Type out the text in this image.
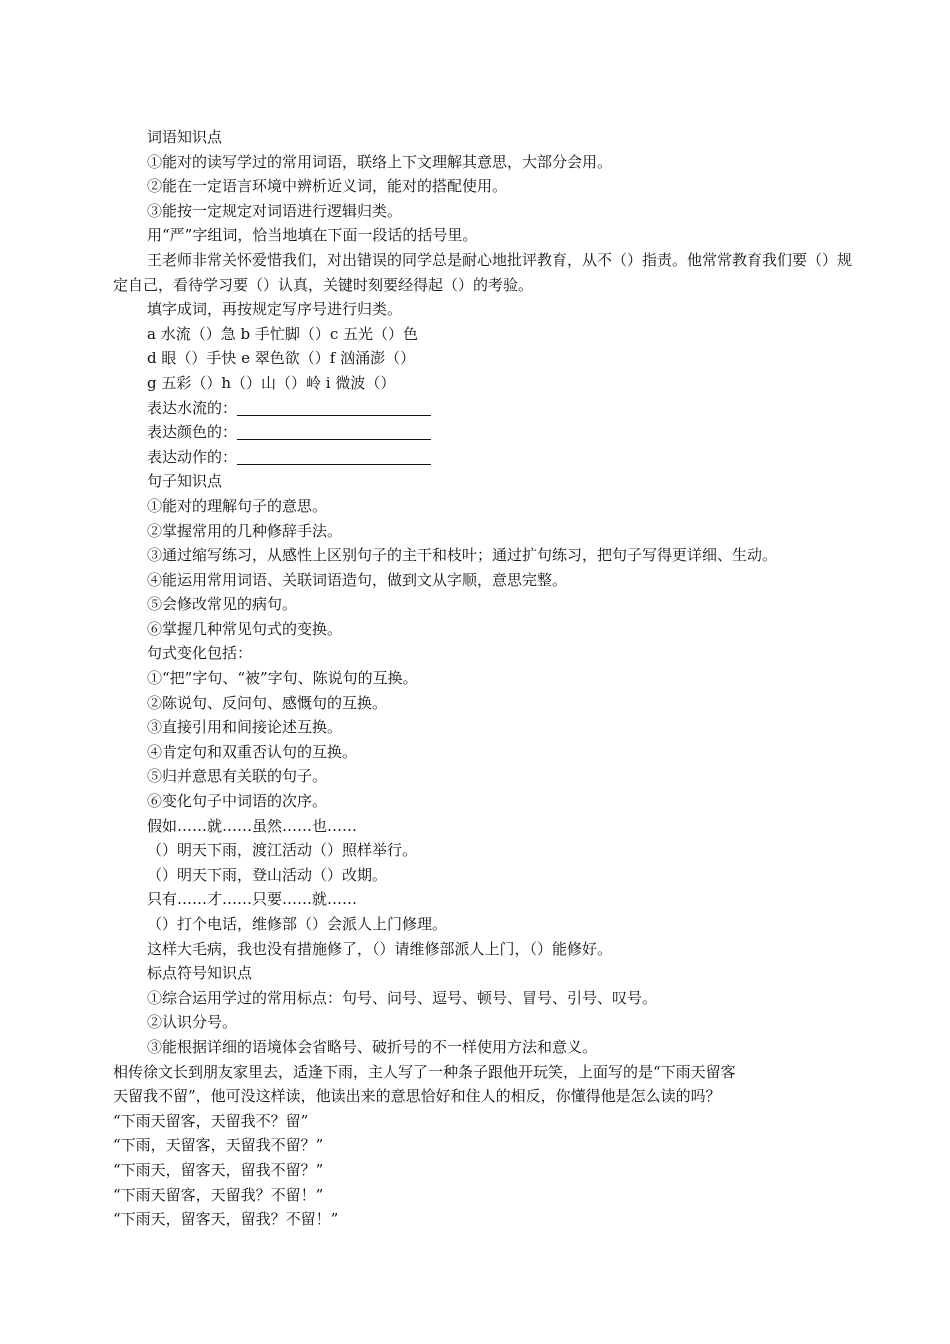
词语知识点
①能对的读写学过的常用词语，联络上下文理解其意思，大部分会用。
②能在一定语言环境中辨析近义词，能对的搭配使用。
③能按一定规定对词语进行逻辑归类。
用“严”字组词，恰当地填在下面一段话的括号里。
王老师非常关怀爱惜我们，对出错误的同学总是耐心地批评教育，从不（）指责。他常常教育我们要（）规定自己，看待学习要（）认真，关键时刻要经得起（）的考验。
填字成词，再按规定写序号进行归类。
a 水流（）急 b 手忙脚（）c 五光（）色
d 眼（）手快 e 翠色欲（）f 汹涌澎（）
g 五彩（）h（）山（）岭 i 微波（）
表达水流的：
表达颜色的：
表达动作的：
句子知识点
①能对的理解句子的意思。
②掌握常用的几种修辞手法。
③通过缩写练习，从感性上区别句子的主干和枝叶；通过扩句练习，把句子写得更详细、生动。
④能运用常用词语、关联词语造句，做到文从字顺，意思完整。
⑤会修改常见的病句。
⑥掌握几种常见句式的变换。
句式变化包括：
①“把”字句、“被”字句、陈说句的互换。
②陈说句、反问句、感慨句的互换。
③直接引用和间接论述互换。
④肯定句和双重否认句的互换。
⑤归并意思有关联的句子。
⑥变化句子中词语的次序。
假如……就……虽然……也……
（）明天下雨，渡江活动（）照样举行。
（）明天下雨，登山活动（）改期。
只有……才……只要……就……
（）打个电话，维修部（）会派人上门修理。
这样大毛病，我也没有措施修了，（）请维修部派人上门，（）能修好。
标点符号知识点
①综合运用学过的常用标点：句号、问号、逗号、顿号、冒号、引号、叹号。
②认识分号。
③能根据详细的语境体会省略号、破折号的不一样使用方法和意义。
相传徐文长到朋友家里去，适逢下雨，主人写了一种条子跟他开玩笑，上面写的是“下雨天留客
天留我不留”，他可没这样读，他读出来的意思恰好和住人的相反，你懂得他是怎么读的吗？
“下雨天留客，天留我不？留”
“下雨，天留客，天留我不留？”
“下雨天，留客天，留我不留？”
“下雨天留客，天留我？不留！”
“下雨天，留客天，留我？不留！”
